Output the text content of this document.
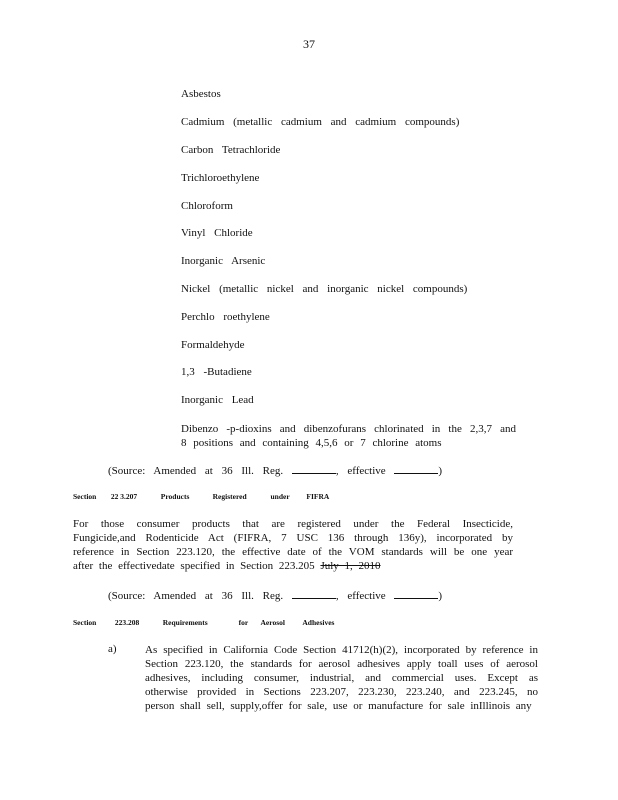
37
Asbestos
Cadmium (metallic cadmium and cadmium compounds)
Carbon Tetrachloride
Trichloroethylene
Chloroform
Vinyl Chloride
Inorganic Arsenic
Nickel (metallic nickel and inorganic nickel compounds)
Perchlo roethylene
Formaldehyde
1,3 -Butadiene
Inorganic Lead
Dibenzo -p-dioxins and dibenzofurans chlorinated in the 2,3,7 and 8 positions and containing 4,5,6 or 7 chlorine atoms
(Source: Amended at 36 Ill. Reg.	, effective	)
Section 22 3.207	Products	Registered	under FIFRA
For those consumer products that are registered under the Federal Insecticide, Fungicide,and Rodenticide Act (FIFRA, 7 USC 136 through 136y), incorporated by reference in Section 223.120, the effective date of the VOM standards will be one year after the effectivedate specified in Section 223.205 July 1, 2010
(Source: Amended at 36 Ill. Reg.	, effective	)
Section 223.208	Requirements	for Aerosol Adhesives
a)	As specified in California Code Section 41712(h)(2), incorporated by reference in Section 223.120, the standards for aerosol adhesives apply toall uses of aerosol adhesives, including consumer, industrial, and commercial uses. Except as otherwise provided in Sections 223.207, 223.230, 223.240, and 223.245, no person shall sell, supply,offer for sale, use or manufacture for sale inIllinois any
